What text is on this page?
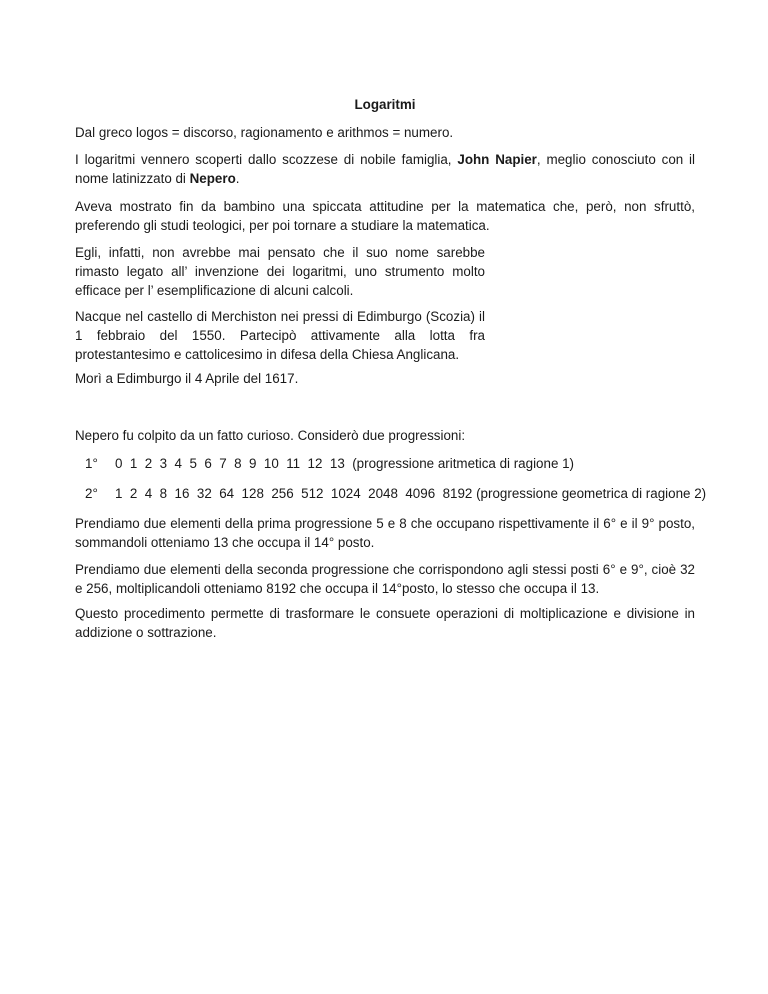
Logaritmi

Dal greco logos = discorso, ragionamento e arithmos = numero.

I logaritmi vennero scoperti dallo scozzese di nobile famiglia, John Napier, meglio conosciuto con il nome latinizzato di Nepero.

Aveva mostrato fin da bambino una spiccata attitudine per la matematica che, però, non sfruttò, preferendo gli studi teologici, per poi tornare a studiare la matematica.

Egli, infatti, non avrebbe mai pensato che il suo nome sarebbe rimasto legato all’ invenzione dei logaritmi, uno strumento molto efficace per l’ esemplificazione di alcuni calcoli.

Nacque nel castello di Merchiston nei pressi di Edimburgo (Scozia) il 1 febbraio del 1550. Partecipò attivamente alla lotta fra protestantesimo e cattolicesimo in difesa della Chiesa Anglicana.

Morì a Edimburgo il 4 Aprile del 1617.

Nepero fu colpito da un fatto curioso. Considerò due progressioni:

1° 0  1  2  3  4  5  6  7  8  9  10  11  12  13  (progressione aritmetica di ragione 1)
2° 1  2  4  8  16  32  64  128  256  512  1024  2048  4096  8192 (progressione geometrica di ragione 2)

Prendiamo due elementi della prima progressione 5 e 8 che occupano rispettivamente il 6° e il 9° posto, sommandoli otteniamo 13 che occupa il 14° posto.

Prendiamo due elementi della seconda progressione che corrispondono agli stessi posti 6° e 9°, cioè 32 e 256, moltiplicandoli otteniamo 8192 che occupa il 14°posto, lo stesso che occupa il 13.

Questo procedimento permette di trasformare le consuete operazioni di moltiplicazione e divisione in addizione o sottrazione.
